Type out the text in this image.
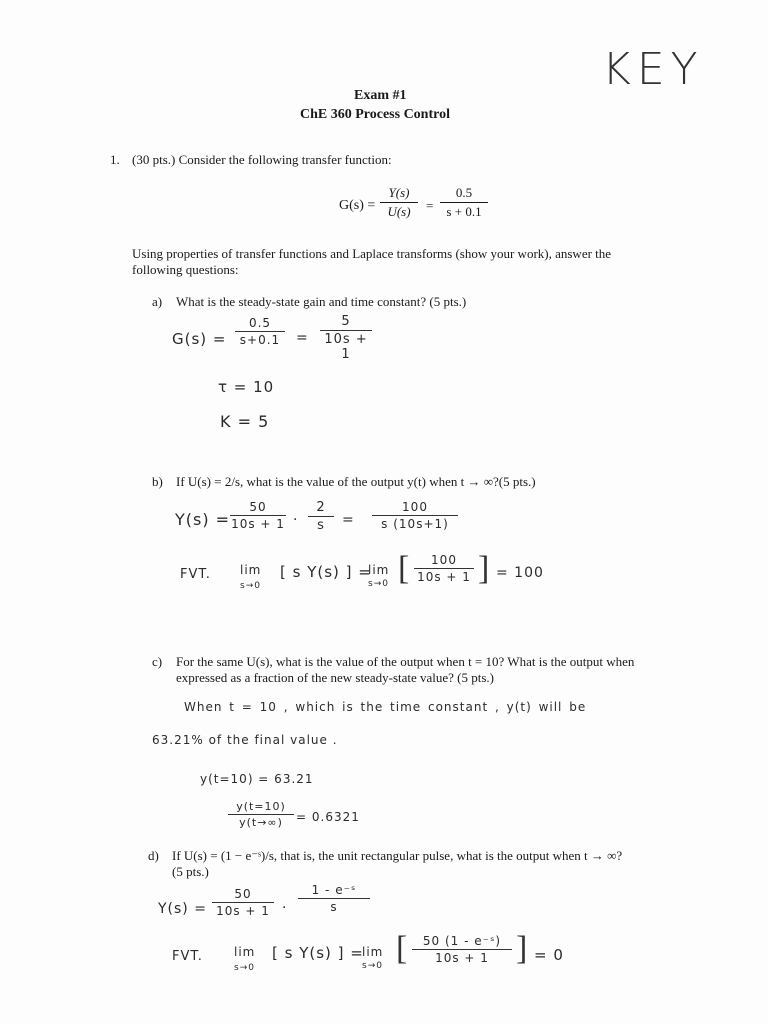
KEY
Exam #1
ChE 360 Process Control
1. (30 pts.) Consider the following transfer function:
G(s) =
Y(s)
U(s)	=
0.5
s + 0.1
Using properties of transfer functions and Laplace transforms (show your work), answer the
following questions:
a) What is the steady-state gain and time constant? (5 pts.)
G(s) =
0.5
s+0.1	=
5
10s + 1
τ = 10
K = 5
b) If U(s) = 2/s, what is the value of the output y(t) when t → ∞?(5 pts.)
Y(s) =
50
10s + 1 ·
2
s	=
100
s (10s+1)
FVT. lim
s→0
[ s Y(s) ] =
lim
s→0 [	100
10s + 1 ] = 100
c) For the same U(s), what is the value of the output when t = 10? What is the output when
expressed as a fraction of the new steady-state value? (5 pts.)
When t = 10 , which is the time constant , y(t) will be
63.21% of the final value .
y(t=10) = 63.21
y(t=10)
y(t→∞)	= 0.6321
d) If U(s) = (1 − e⁻ˢ)/s, that is, the unit rectangular pulse, what is the output when t → ∞?
(5 pts.)
Y(s) =
50
10s + 1 ·
1 - e⁻ˢ
s
FVT.	lim
s→0
[ s Y(s) ] =
lim
s→0 [	50 (1 - e⁻ˢ)
10s + 1 ] = 0
